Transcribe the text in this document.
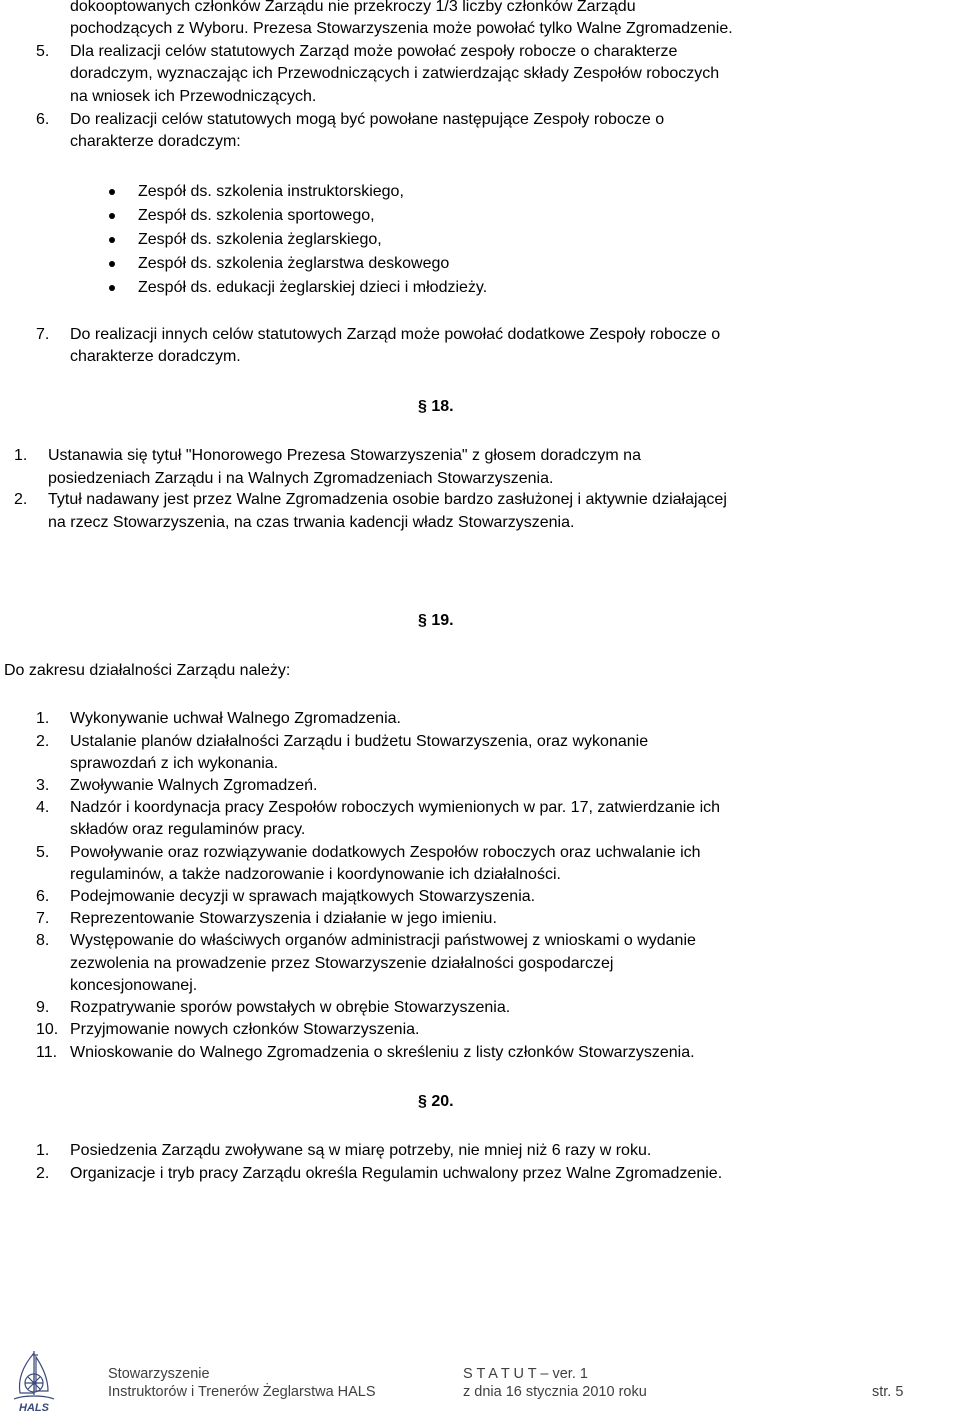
dokooptowanych członków Zarządu nie przekroczy 1/3 liczby członków Zarządu
pochodzących z Wyboru. Prezesa Stowarzyszenia może powołać tylko Walne Zgromadzenie.
5. Dla realizacji celów statutowych Zarząd może powołać zespoły robocze o charakterze
doradczym, wyznaczając ich Przewodniczących i zatwierdzając składy Zespołów roboczych
na wniosek ich Przewodniczących.
6. Do realizacji celów statutowych mogą być powołane następujące Zespoły robocze o
charakterze doradczym:
Zespół ds. szkolenia instruktorskiego,
Zespół ds. szkolenia sportowego,
Zespół ds. szkolenia żeglarskiego,
Zespół ds. szkolenia żeglarstwa deskowego
Zespół ds. edukacji żeglarskiej dzieci i młodzieży.
7. Do realizacji innych celów statutowych Zarząd może powołać dodatkowe Zespoły robocze o
charakterze doradczym.
§ 18.
1. Ustanawia się tytuł "Honorowego Prezesa Stowarzyszenia" z głosem doradczym na
posiedzeniach Zarządu i na Walnych Zgromadzeniach Stowarzyszenia.
2. Tytuł nadawany jest przez Walne Zgromadzenia osobie bardzo zasłużonej i aktywnie działającej
na rzecz Stowarzyszenia, na czas trwania kadencji władz Stowarzyszenia.
§ 19.
Do zakresu działalności Zarządu należy:
1. Wykonywanie uchwał Walnego Zgromadzenia.
2. Ustalanie planów działalności Zarządu i budżetu Stowarzyszenia, oraz wykonanie
sprawozdań z ich wykonania.
3. Zwoływanie Walnych Zgromadzeń.
4. Nadzór i koordynacja pracy Zespołów roboczych wymienionych w par. 17, zatwierdzanie ich
składów oraz regulaminów pracy.
5. Powoływanie oraz rozwiązywanie dodatkowych Zespołów roboczych oraz uchwalanie ich
regulaminów, a także nadzorowanie i koordynowanie ich działalności.
6. Podejmowanie decyzji w sprawach majątkowych Stowarzyszenia.
7. Reprezentowanie Stowarzyszenia i działanie w jego imieniu.
8. Występowanie do właściwych organów administracji państwowej z wnioskami o wydanie
zezwolenia na prowadzenie przez Stowarzyszenie działalności gospodarczej
koncesjonowanej.
9. Rozpatrywanie sporów powstałych w obrębie Stowarzyszenia.
10. Przyjmowanie nowych członków Stowarzyszenia.
11. Wnioskowanie do Walnego Zgromadzenia o skreśleniu z listy członków Stowarzyszenia.
§ 20.
1. Posiedzenia Zarządu zwoływane są w miarę potrzeby, nie mniej niż 6 razy w roku.
2. Organizacje i tryb pracy Zarządu określa Regulamin uchwalony przez Walne Zgromadzenie.
HALS
Stowarzyszenie
Instruktorów i Trenerów Żeglarstwa HALS
S T A T U T – ver. 1
z dnia 16 stycznia 2010 roku	str. 5
